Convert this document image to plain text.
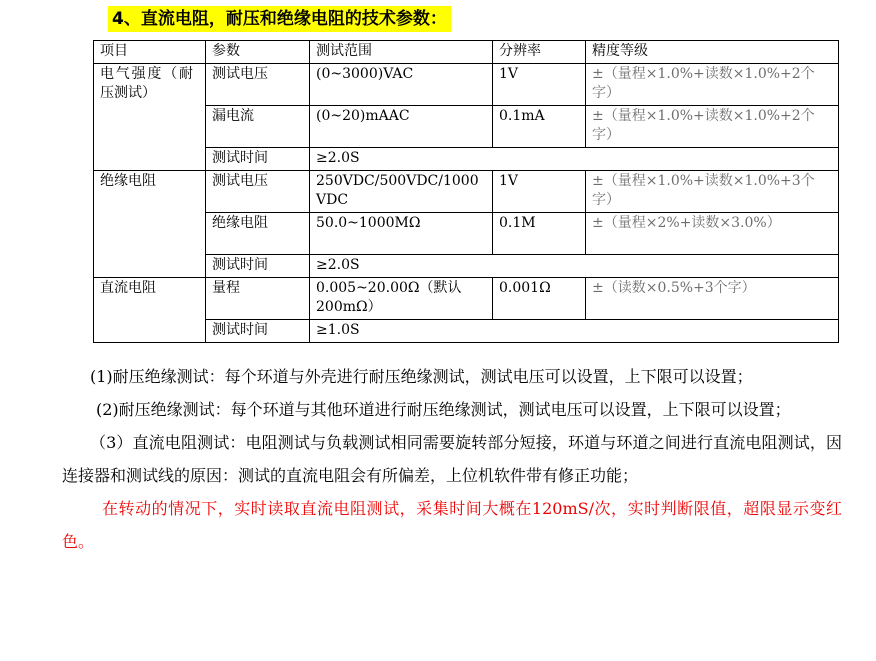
4、直流电阻，耐压和绝缘电阻的技术参数：
项目	参数	测试范围	分辨率	精度等级
电气强度（耐压测试）	测试电压	(0~3000)VAC	1V	±（量程×1.0%+读数×1.0%+2个字）
	漏电流	(0~20)mAAC	0.1mA	±（量程×1.0%+读数×1.0%+2个字）
	测试时间	≥2.0S		
绝缘电阻	测试电压	250VDC/500VDC/1000VDC	1V	±（量程×1.0%+读数×1.0%+3个字）
	绝缘电阻	50.0~1000MΩ	0.1M	±（量程×2%+读数×3.0%）
	测试时间	≥2.0S		
直流电阻	量程	0.005~20.00Ω（默认200mΩ）	0.001Ω	±（读数×0.5%+3个字）
	测试时间	≥1.0S		

(1)耐压绝缘测试：每个环道与外壳进行耐压绝缘测试，测试电压可以设置，上下限可以设置；

(2)耐压绝缘测试：每个环道与其他环道进行耐压绝缘测试，测试电压可以设置，上下限可以设置；

（3）直流电阻测试：电阻测试与负载测试相同需要旋转部分短接，环道与环道之间进行直流电阻测试，因连接器和测试线的原因：测试的直流电阻会有所偏差，上位机软件带有修正功能；

在转动的情况下，实时读取直流电阻测试，采集时间大概在120mS/次，实时判断限值，超限显示变红色。
